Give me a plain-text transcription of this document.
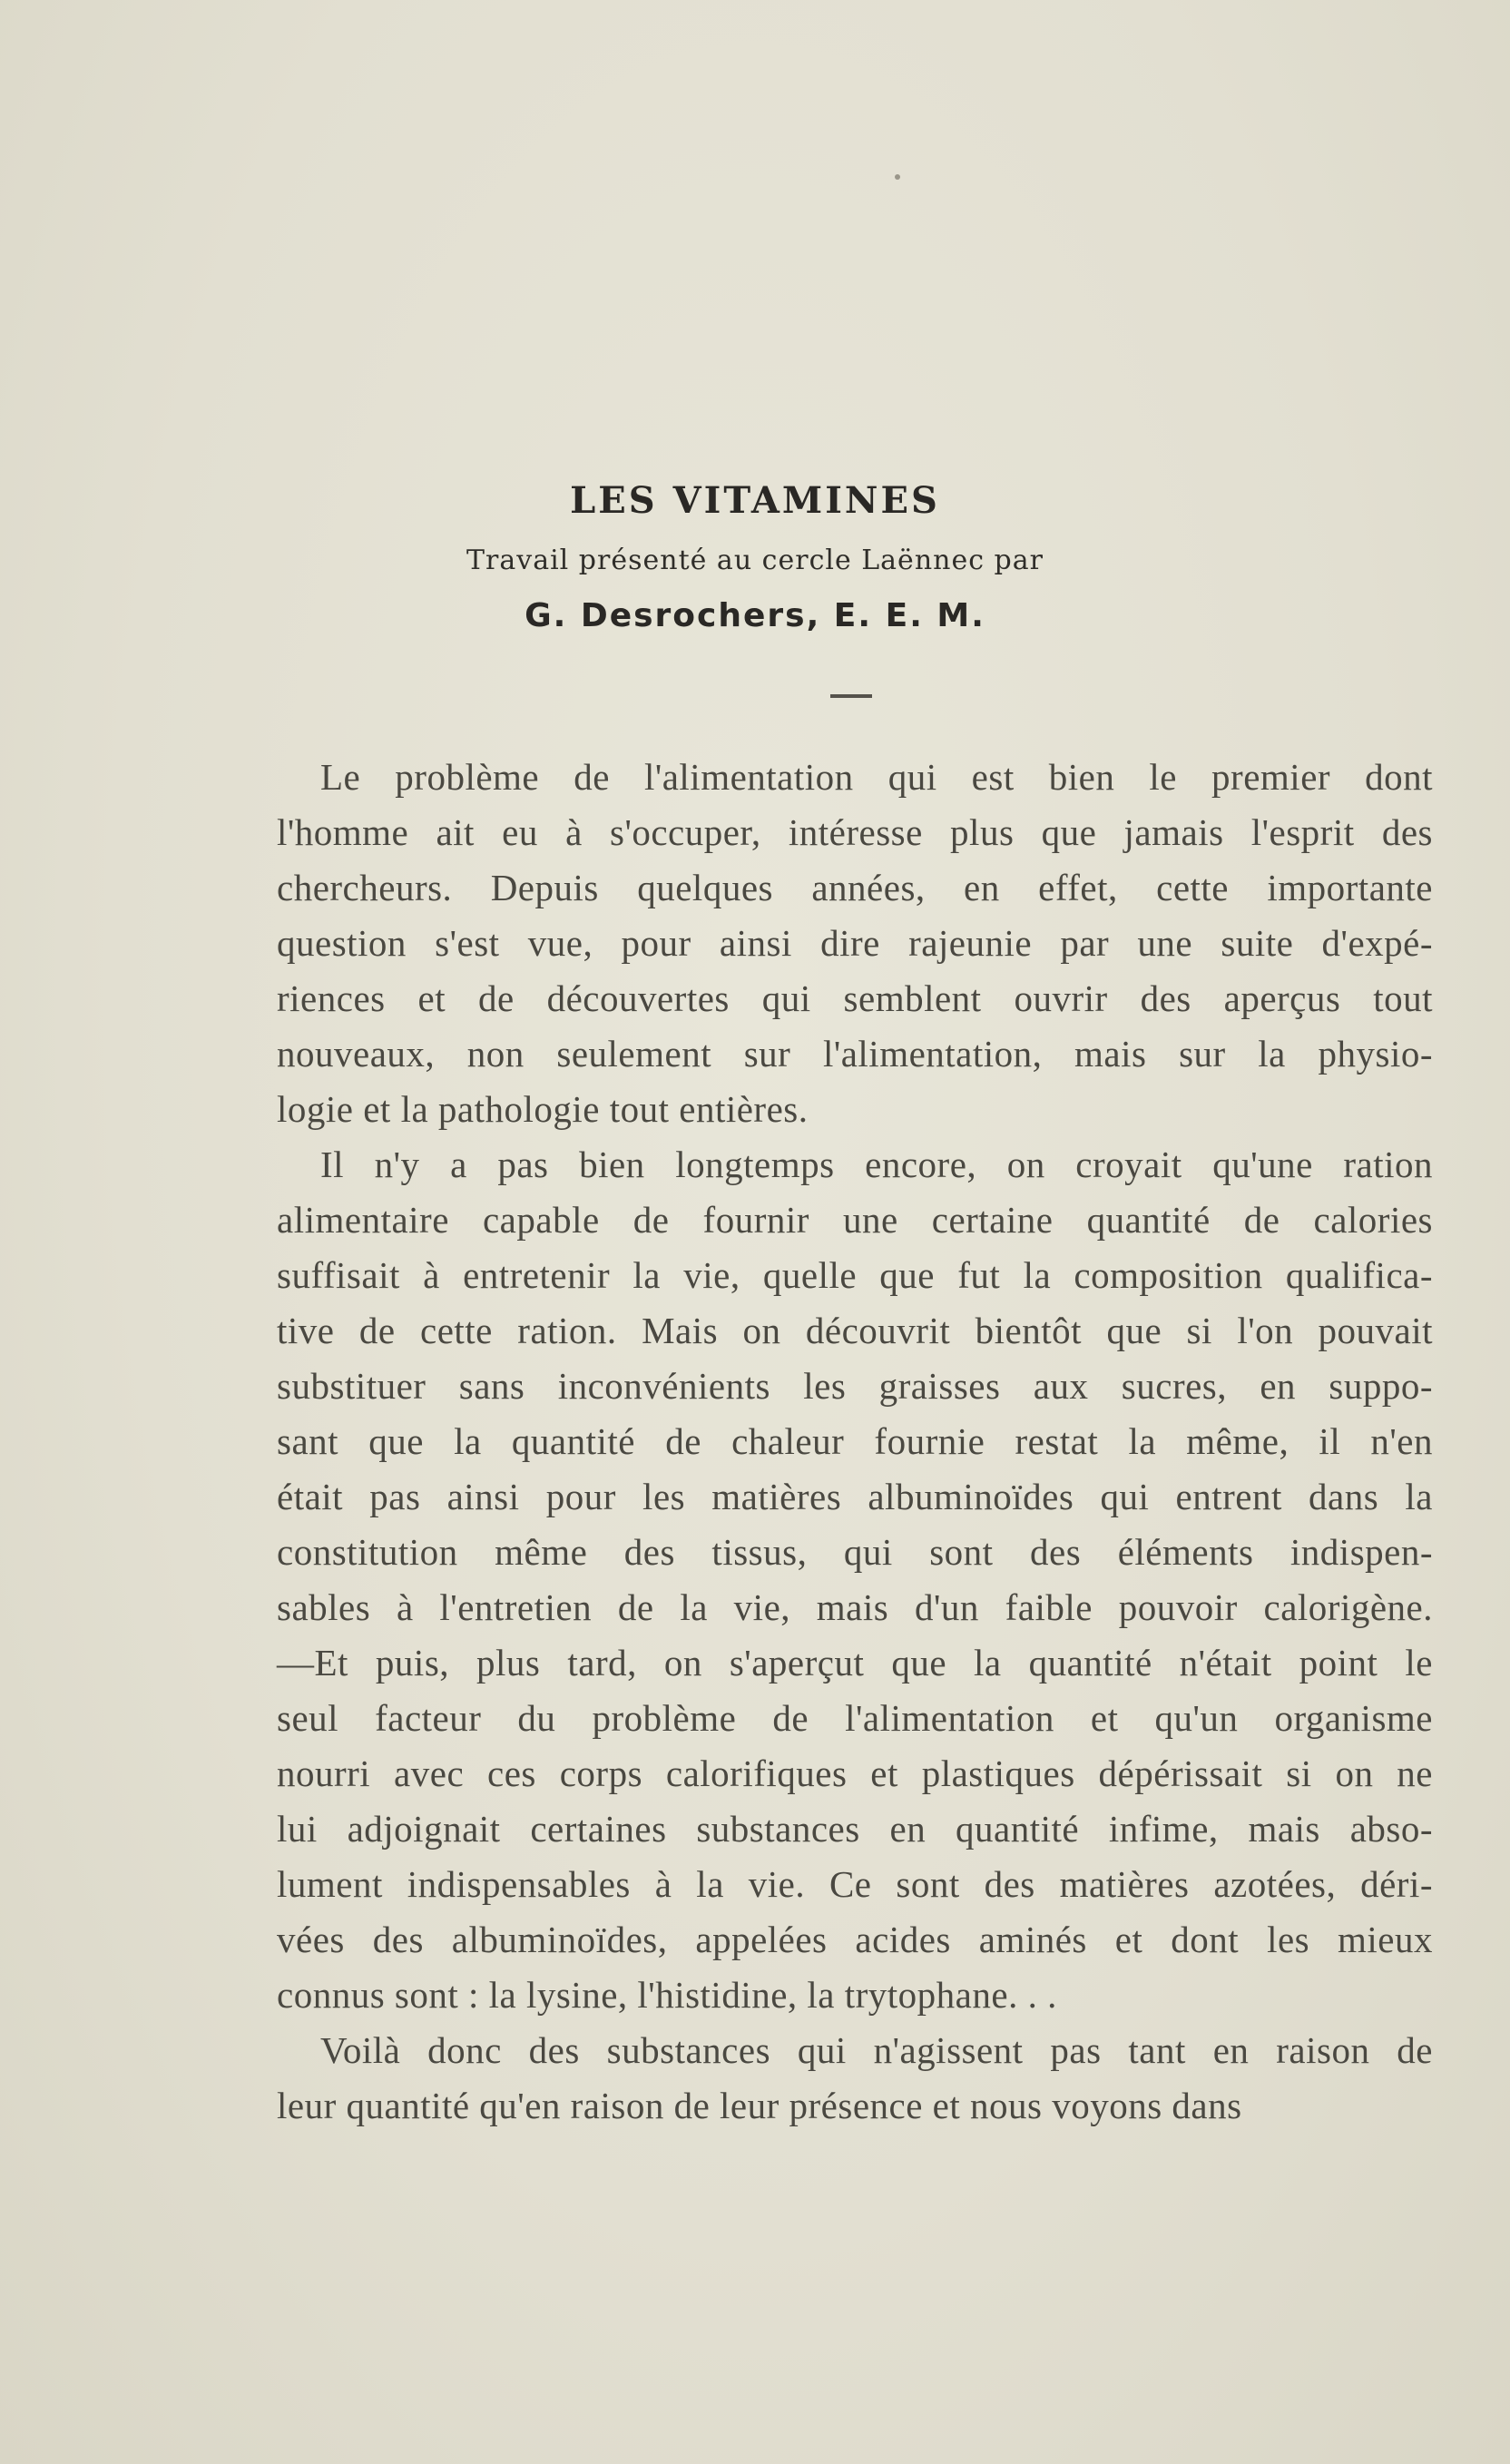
LES VITAMINES
Travail présenté au cercle Laënnec par
G. Desrochers, E. E. M.
Le problème de l'alimentation qui est bien le premier dont
l'homme ait eu à s'occuper, intéresse plus que jamais l'esprit des
chercheurs. Depuis quelques années, en effet, cette importante
question s'est vue, pour ainsi dire rajeunie par une suite d'expé-
riences et de découvertes qui semblent ouvrir des aperçus tout
nouveaux, non seulement sur l'alimentation, mais sur la physio-
logie et la pathologie tout entières.
Il n'y a pas bien longtemps encore, on croyait qu'une ration
alimentaire capable de fournir une certaine quantité de calories
suffisait à entretenir la vie, quelle que fut la composition qualifica-
tive de cette ration. Mais on découvrit bientôt que si l'on pouvait
substituer sans inconvénients les graisses aux sucres, en suppo-
sant que la quantité de chaleur fournie restat la même, il n'en
était pas ainsi pour les matières albuminoïdes qui entrent dans la
constitution même des tissus, qui sont des éléments indispen-
sables à l'entretien de la vie, mais d'un faible pouvoir calorigène.
—Et puis, plus tard, on s'aperçut que la quantité n'était point le
seul facteur du problème de l'alimentation et qu'un organisme
nourri avec ces corps calorifiques et plastiques dépérissait si on ne
lui adjoignait certaines substances en quantité infime, mais abso-
lument indispensables à la vie. Ce sont des matières azotées, déri-
vées des albuminoïdes, appelées acides aminés et dont les mieux
connus sont : la lysine, l'histidine, la trytophane. . .
Voilà donc des substances qui n'agissent pas tant en raison de
leur quantité qu'en raison de leur présence et nous voyons dans
